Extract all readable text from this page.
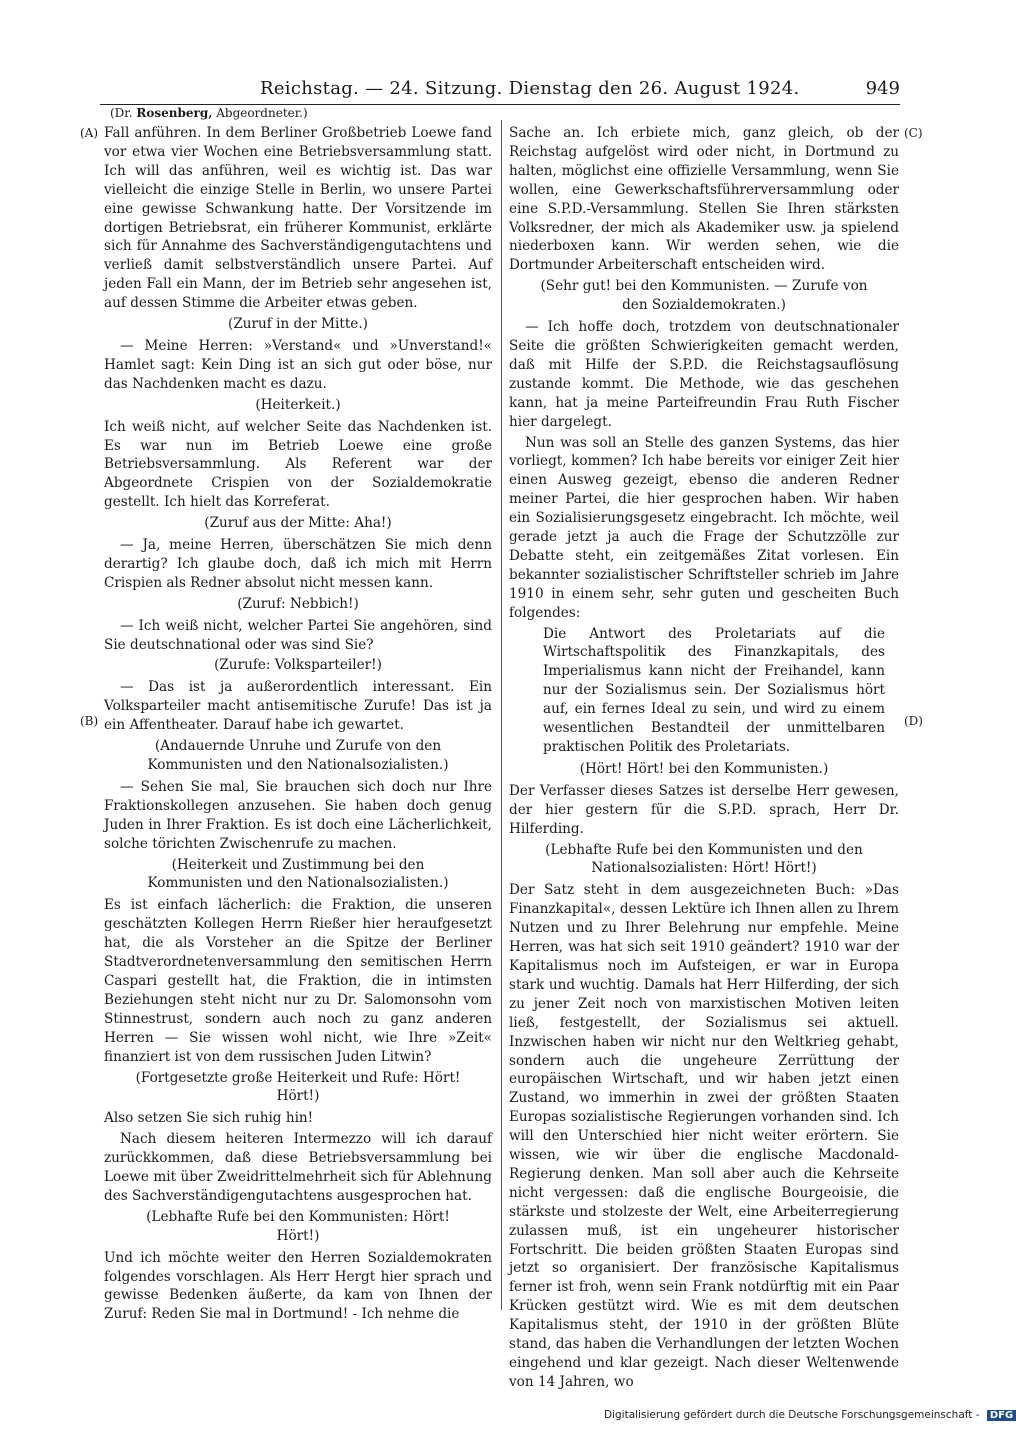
Reichstag. — 24. Sitzung. Dienstag den 26. August 1924.	949
(Dr. Rosenberg, Abgeordneter.)
(A)
(B)
(C)
(D)

Fall anführen. In dem Berliner Großbetrieb Loewe fand vor etwa vier Wochen eine Betriebsversammlung statt. Ich will das anführen, weil es wichtig ist. Das war vielleicht die einzige Stelle in Berlin, wo unsere Partei eine gewisse Schwankung hatte. Der Vorsitzende im dortigen Betriebsrat, ein früherer Kommunist, erklärte sich für Annahme des Sachverständigengutachtens und verließ damit selbstverständlich unsere Partei. Auf jeden Fall ein Mann, der im Betrieb sehr angesehen ist, auf dessen Stimme die Arbeiter etwas geben.

(Zuruf in der Mitte.)

— Meine Herren: »Verstand« und »Unverstand!« Hamlet sagt: Kein Ding ist an sich gut oder böse, nur das Nachdenken macht es dazu.

(Heiterkeit.)

Ich weiß nicht, auf welcher Seite das Nachdenken ist. Es war nun im Betrieb Loewe eine große Betriebsversammlung. Als Referent war der Abgeordnete Crispien von der Sozialdemokratie gestellt. Ich hielt das Korreferat.

(Zuruf aus der Mitte: Aha!)

— Ja, meine Herren, überschätzen Sie mich denn derartig? Ich glaube doch, daß ich mich mit Herrn Crispien als Redner absolut nicht messen kann.

(Zuruf: Nebbich!)

— Ich weiß nicht, welcher Partei Sie angehören, sind Sie deutschnational oder was sind Sie?

(Zurufe: Volksparteiler!)

— Das ist ja außerordentlich interessant. Ein Volksparteiler macht antisemitische Zurufe! Das ist ja ein Affentheater. Darauf habe ich gewartet.

(Andauernde Unruhe und Zurufe von den Kommunisten und den Nationalsozialisten.)

— Sehen Sie mal, Sie brauchen sich doch nur Ihre Fraktionskollegen anzusehen. Sie haben doch genug Juden in Ihrer Fraktion. Es ist doch eine Lächerlichkeit, solche törichten Zwischenrufe zu machen.

(Heiterkeit und Zustimmung bei den Kommunisten und den Nationalsozialisten.)

Es ist einfach lächerlich: die Fraktion, die unseren geschätzten Kollegen Herrn Rießer hier heraufgesetzt hat, die als Vorsteher an die Spitze der Berliner Stadtverordnetenversammlung den semitischen Herrn Caspari gestellt hat, die Fraktion, die in intimsten Beziehungen steht nicht nur zu Dr. Salomonsohn vom Stinnestrust, sondern auch noch zu ganz anderen Herren — Sie wissen wohl nicht, wie Ihre »Zeit« finanziert ist von dem russischen Juden Litwin?

(Fortgesetzte große Heiterkeit und Rufe: Hört! Hört!)

Also setzen Sie sich ruhig hin!

Nach diesem heiteren Intermezzo will ich darauf zurückkommen, daß diese Betriebsversammlung bei Loewe mit über Zweidrittelmehrheit sich für Ablehnung des Sachverständigengutachtens ausgesprochen hat.

(Lebhafte Rufe bei den Kommunisten: Hört! Hört!)

Und ich möchte weiter den Herren Sozialdemokraten folgendes vorschlagen. Als Herr Hergt hier sprach und gewisse Bedenken äußerte, da kam von Ihnen der Zuruf: Reden Sie mal in Dortmund! - Ich nehme die

Sache an. Ich erbiete mich, ganz gleich, ob der Reichstag aufgelöst wird oder nicht, in Dortmund zu halten, möglichst eine offizielle Versammlung, wenn Sie wollen, eine Gewerkschaftsführerversammlung oder eine S.P.D.-Versammlung. Stellen Sie Ihren stärksten Volksredner, der mich als Akademiker usw. ja spielend niederboxen kann. Wir werden sehen, wie die Dortmunder Arbeiterschaft entscheiden wird.

(Sehr gut! bei den Kommunisten. — Zurufe von den Sozialdemokraten.)

— Ich hoffe doch, trotzdem von deutschnationaler Seite die größten Schwierigkeiten gemacht werden, daß mit Hilfe der S.P.D. die Reichstagsauflösung zustande kommt. Die Methode, wie das geschehen kann, hat ja meine Parteifreundin Frau Ruth Fischer hier dargelegt.

Nun was soll an Stelle des ganzen Systems, das hier vorliegt, kommen? Ich habe bereits vor einiger Zeit hier einen Ausweg gezeigt, ebenso die anderen Redner meiner Partei, die hier gesprochen haben. Wir haben ein Sozialisierungsgesetz eingebracht. Ich möchte, weil gerade jetzt ja auch die Frage der Schutzzölle zur Debatte steht, ein zeitgemäßes Zitat vorlesen. Ein bekannter sozialistischer Schriftsteller schrieb im Jahre 1910 in einem sehr, sehr guten und gescheiten Buch folgendes:

Die Antwort des Proletariats auf die Wirtschaftspolitik des Finanzkapitals, des Imperialismus kann nicht der Freihandel, kann nur der Sozialismus sein. Der Sozialismus hört auf, ein fernes Ideal zu sein, und wird zu einem wesentlichen Bestandteil der unmittelbaren praktischen Politik des Proletariats.

(Hört! Hört! bei den Kommunisten.)

Der Verfasser dieses Satzes ist derselbe Herr gewesen, der hier gestern für die S.P.D. sprach, Herr Dr. Hilferding.

(Lebhafte Rufe bei den Kommunisten und den Nationalsozialisten: Hört! Hört!)

Der Satz steht in dem ausgezeichneten Buch: »Das Finanzkapital«, dessen Lektüre ich Ihnen allen zu Ihrem Nutzen und zu Ihrer Belehrung nur empfehle. Meine Herren, was hat sich seit 1910 geändert? 1910 war der Kapitalismus noch im Aufsteigen, er war in Europa stark und wuchtig. Damals hat Herr Hilferding, der sich zu jener Zeit noch von marxistischen Motiven leiten ließ, festgestellt, der Sozialismus sei aktuell. Inzwischen haben wir nicht nur den Weltkrieg gehabt, sondern auch die ungeheure Zerrüttung der europäischen Wirtschaft, und wir haben jetzt einen Zustand, wo immerhin in zwei der größten Staaten Europas sozialistische Regierungen vorhanden sind. Ich will den Unterschied hier nicht weiter erörtern. Sie wissen, wie wir über die englische Macdonald-Regierung denken. Man soll aber auch die Kehrseite nicht vergessen: daß die englische Bourgeoisie, die stärkste und stolzeste der Welt, eine Arbeiterregierung zulassen muß, ist ein ungeheurer historischer Fortschritt. Die beiden größten Staaten Europas sind jetzt so organisiert. Der französische Kapitalismus ferner ist froh, wenn sein Frank notdürftig mit ein Paar Krücken gestützt wird. Wie es mit dem deutschen Kapitalismus steht, der 1910 in der größten Blüte stand, das haben die Verhandlungen der letzten Wochen eingehend und klar gezeigt. Nach dieser Weltenwende von 14 Jahren, wo

Digitalisierung gefördert durch die Deutsche Forschungsgemeinschaft - DFG
